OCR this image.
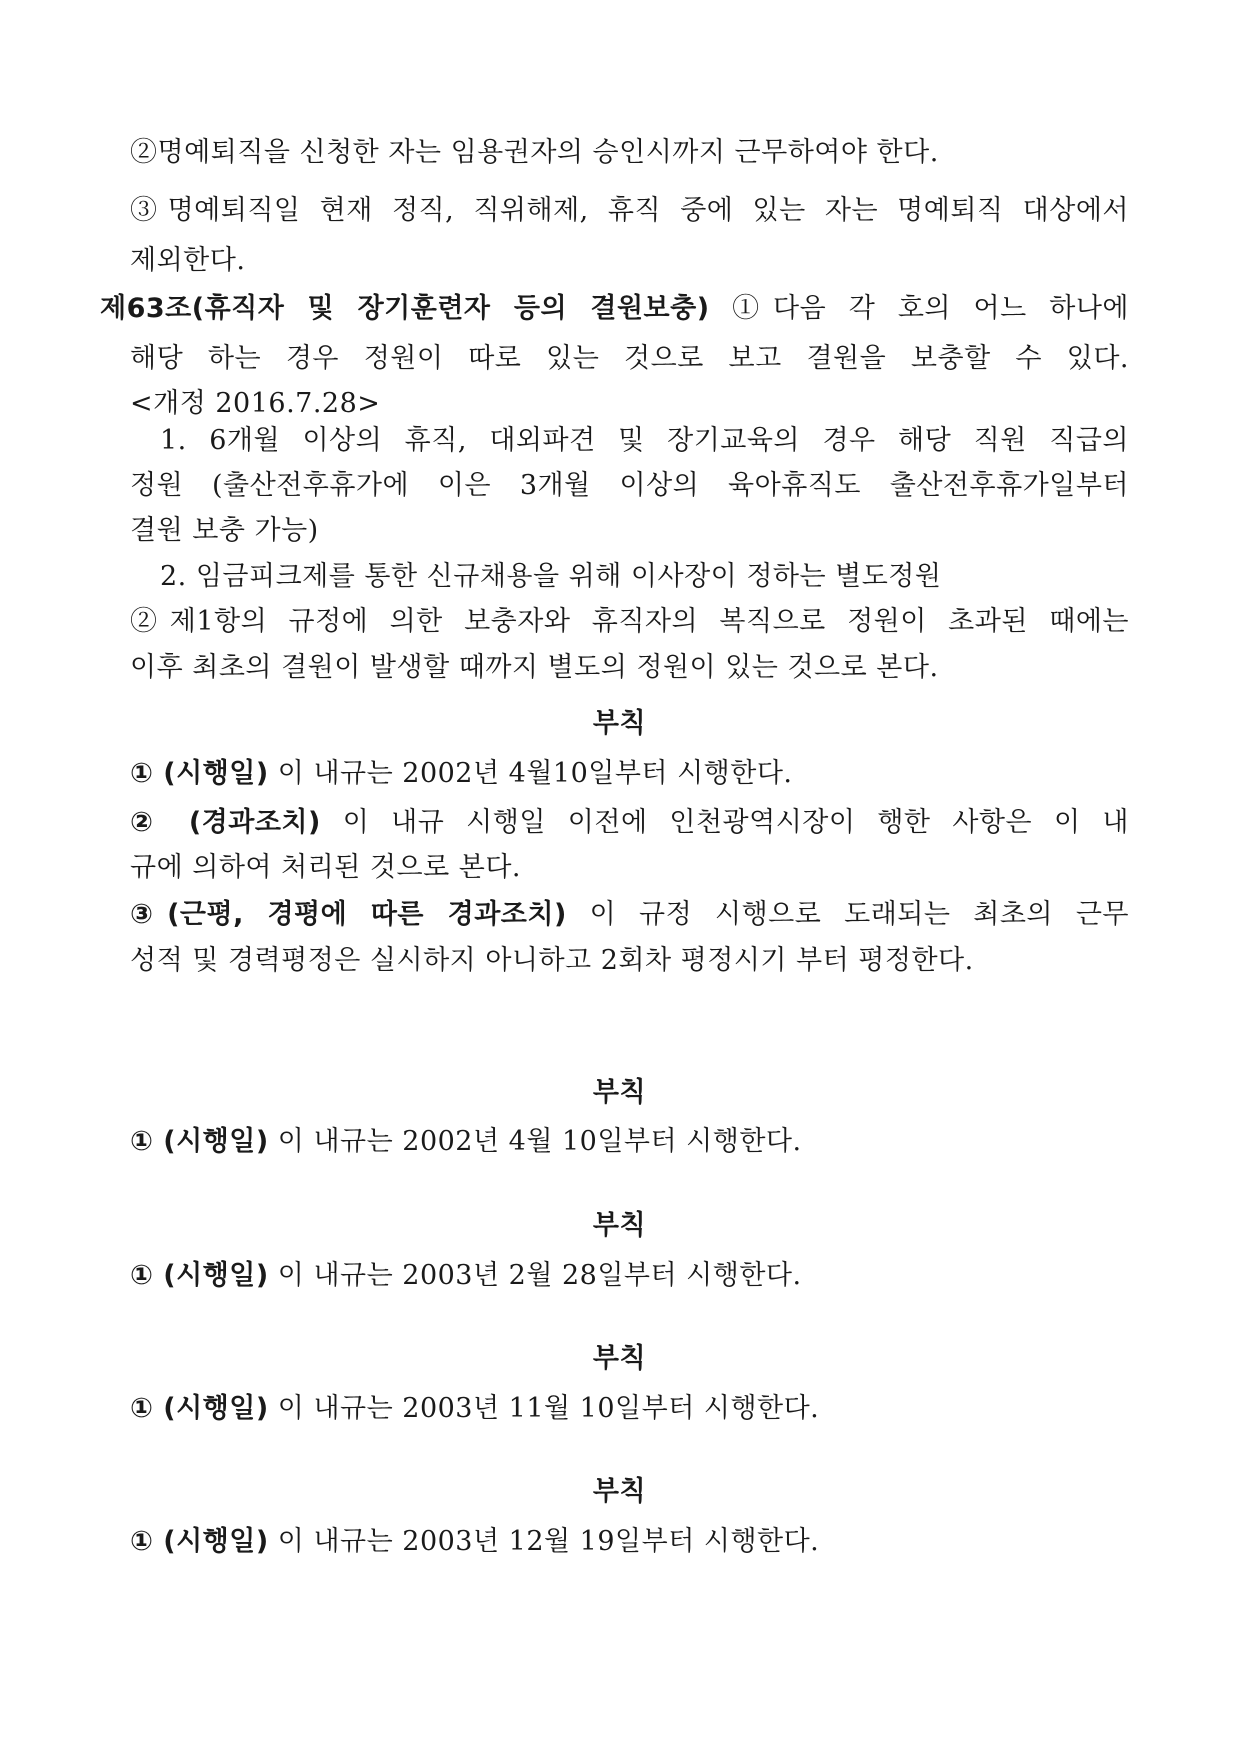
②명예퇴직을 신청한 자는 임용권자의 승인시까지 근무하여야 한다.
③명예퇴직일 현재 정직, 직위해제, 휴직 중에 있는 자는 명예퇴직 대상에서
제외한다.
제63조(휴직자 및 장기훈련자 등의 결원보충) ①다음 각 호의 어느 하나에
해당 하는 경우 정원이 따로 있는 것으로 보고 결원을 보충할 수 있다.
<개정 2016.7.28>
1. 6개월 이상의 휴직, 대외파견 및 장기교육의 경우 해당 직원 직급의
정원 (출산전후휴가에 이은 3개월 이상의 육아휴직도 출산전후휴가일부터
결원 보충 가능)
2. 임금피크제를 통한 신규채용을 위해 이사장이 정하는 별도정원
②제1항의 규정에 의한 보충자와 휴직자의 복직으로 정원이 초과된 때에는
이후 최초의 결원이 발생할 때까지 별도의 정원이 있는 것으로 본다.
부칙
① (시행일) 이 내규는 2002년 4월10일부터 시행한다.
② (경과조치) 이 내규 시행일 이전에 인천광역시장이 행한 사항은 이 내
규에 의하여 처리된 것으로 본다.
③(근평, 경평에 따른 경과조치) 이 규정 시행으로 도래되는 최초의 근무
성적 및 경력평정은 실시하지 아니하고 2회차 평정시기 부터 평정한다.
부칙
① (시행일) 이 내규는 2002년 4월 10일부터 시행한다.
부칙
① (시행일) 이 내규는 2003년 2월 28일부터 시행한다.
부칙
① (시행일) 이 내규는 2003년 11월 10일부터 시행한다.
부칙
① (시행일) 이 내규는 2003년 12월 19일부터 시행한다.
